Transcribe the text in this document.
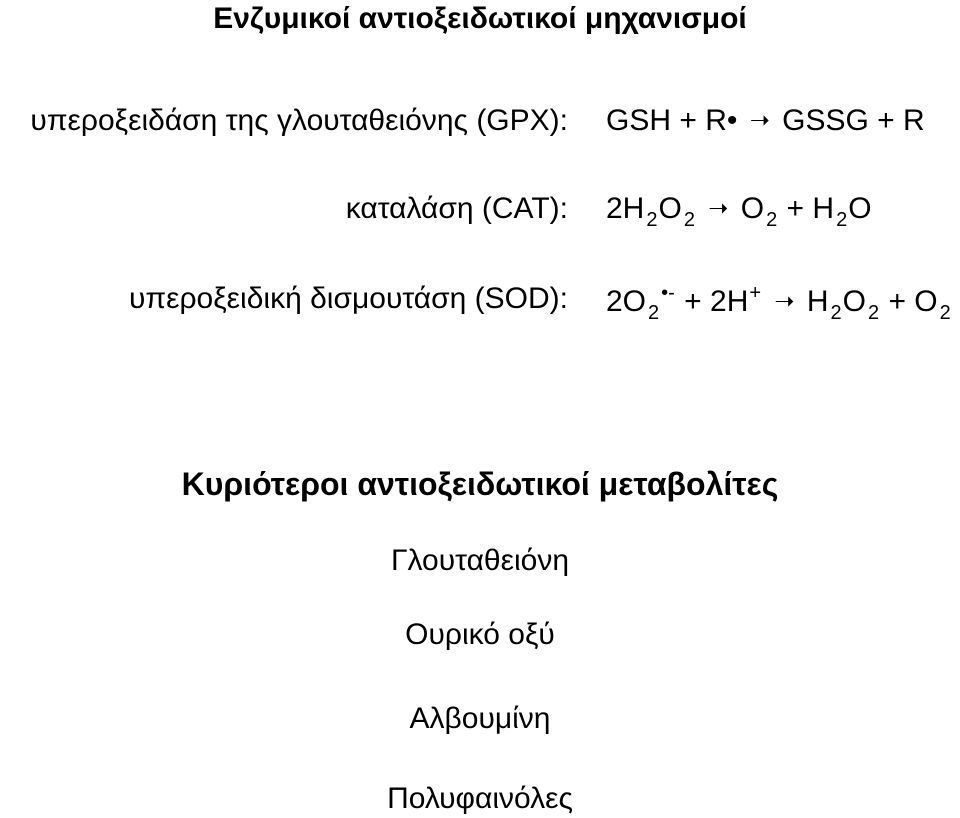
Ενζυμικοί αντιοξειδωτικοί μηχανισμοί
υπεροξειδάση της γλουταθειόνης (GPX): GSH + R• ➝ GSSG + R
καταλάση (CAT): 2H $_2$O $_2$ ➝ O $_2$ + H $_2$O
υπεροξειδική δισμουτάση (SOD): 2O $_2$•- + 2H+ ➝ H $_2$O $_2$ + O $_2$
Κυριότεροι αντιοξειδωτικοί μεταβολίτες
Γλουταθειόνη
Ουρικό οξύ
Αλβουμίνη
Πολυφαινόλες
